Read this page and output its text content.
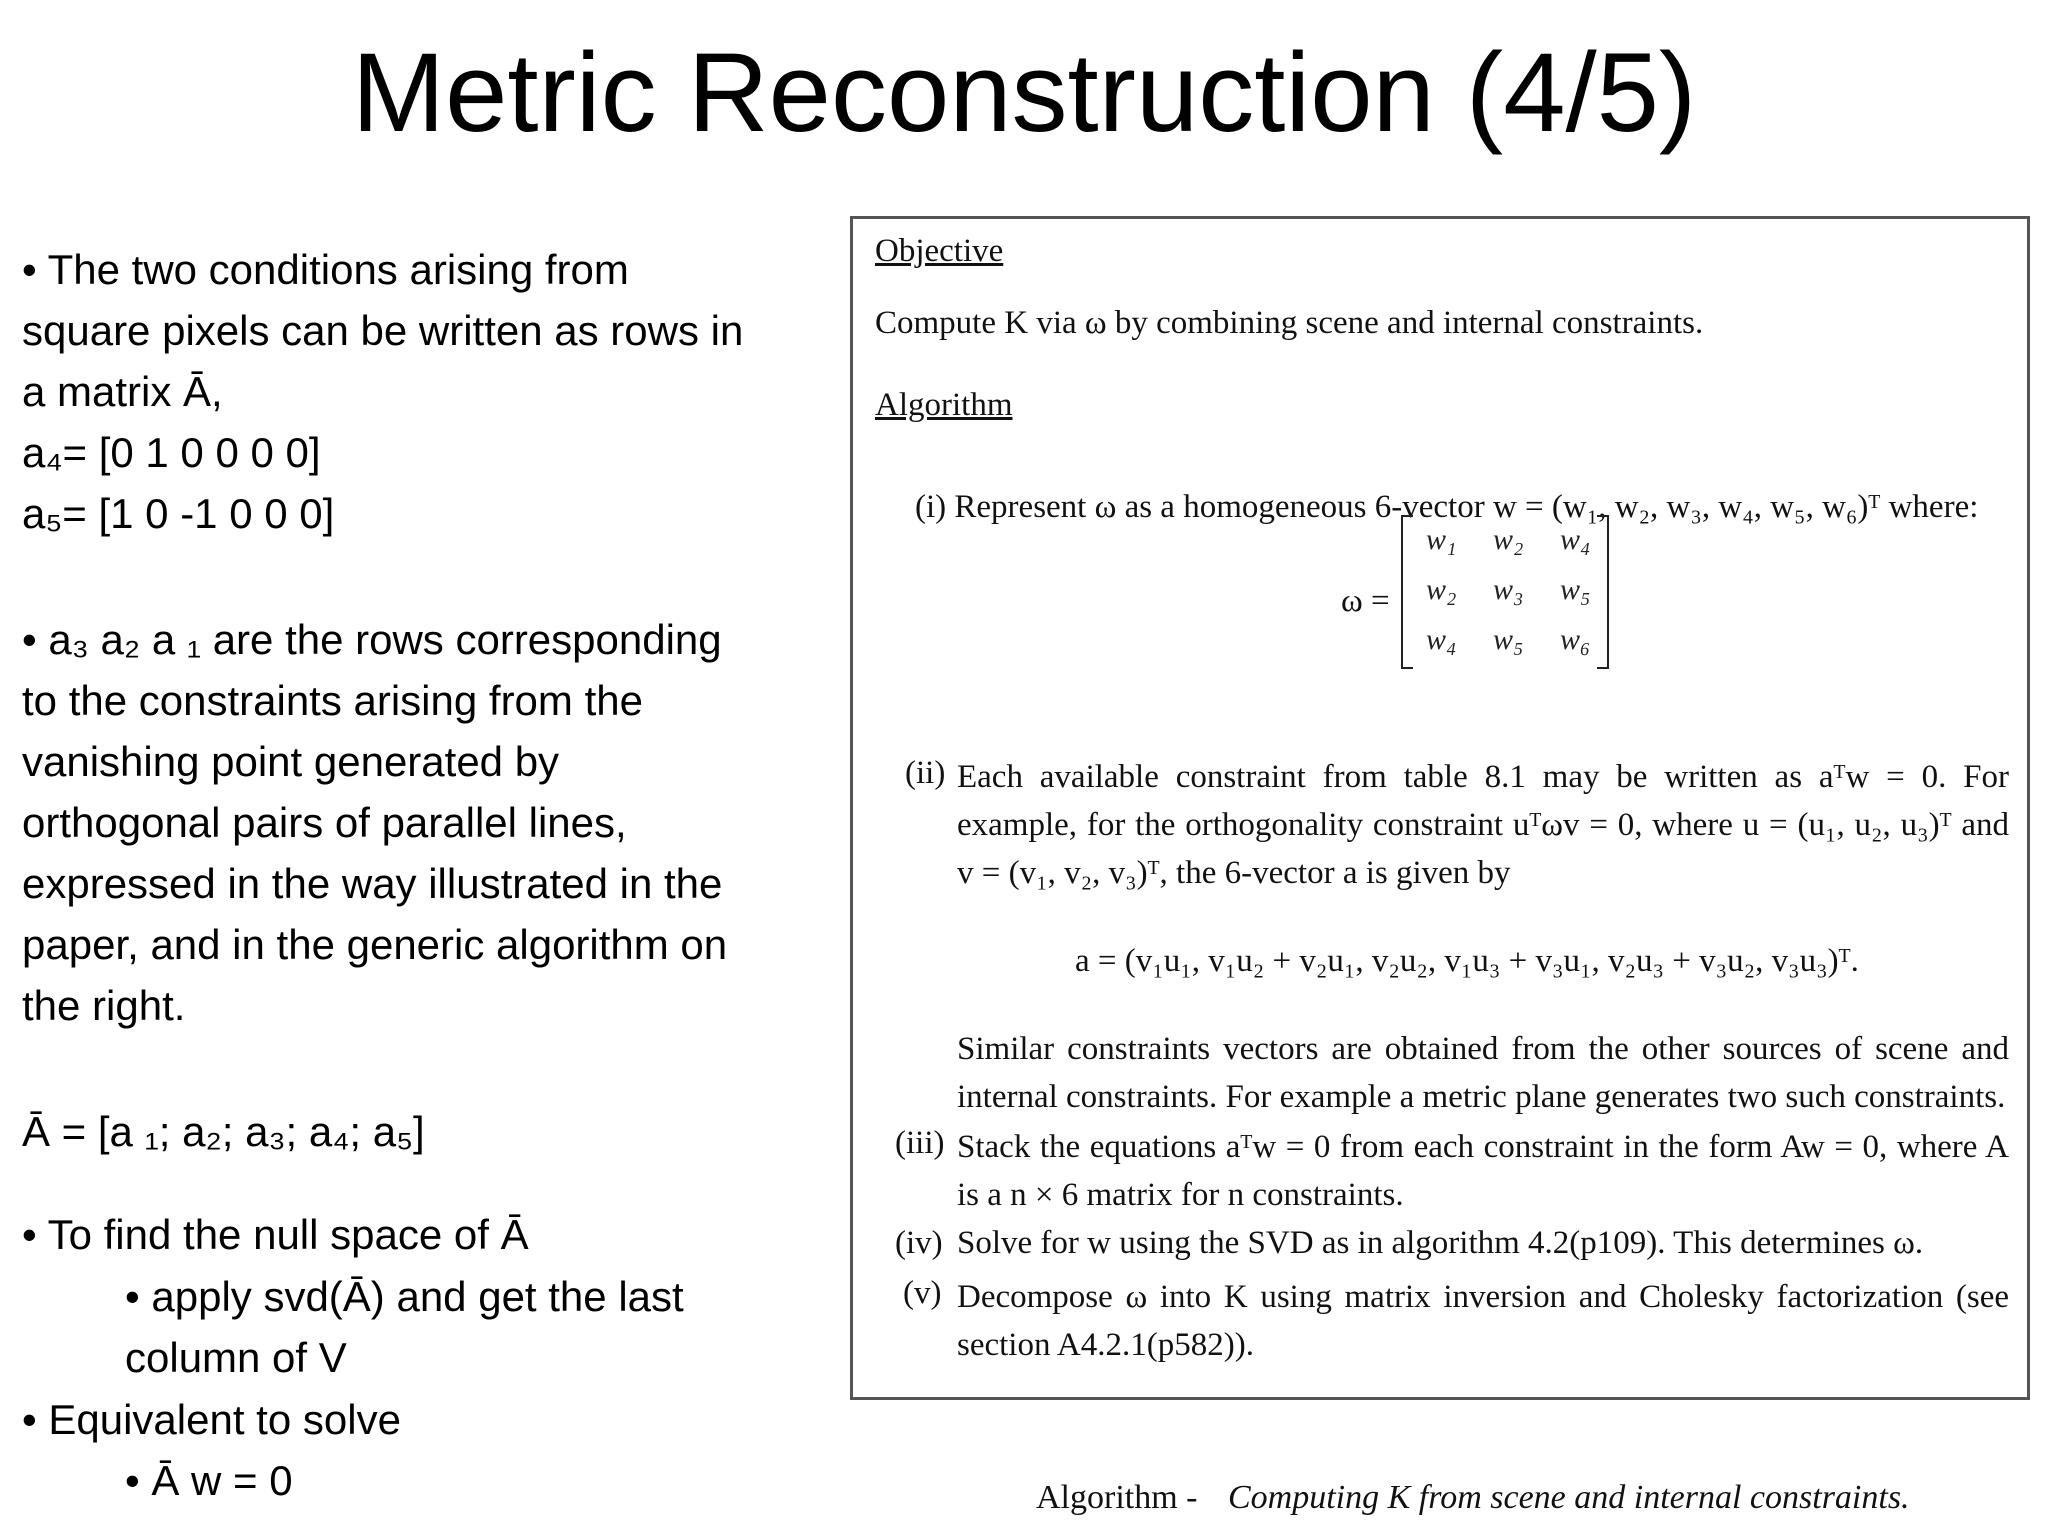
Metric Reconstruction (4/5)
• The two conditions arising from
square pixels can be written as rows in
a matrix Ā,
a₄= [0 1 0 0 0 0]
a₅= [1 0 -1 0 0 0]
• a₃ a₂ a ₁ are the rows corresponding
to the constraints arising from the
vanishing point generated by
orthogonal pairs of parallel lines,
expressed in the way illustrated in the
paper, and in the generic algorithm on
the right.
Ā = [a ₁; a₂; a₃; a₄; a₅]
• To find the null space of Ā
• apply svd(Ā) and get the last
column of V
• Equivalent to solve
• Ā w = 0
Objective
Compute K via ω by combining scene and internal constraints.
Algorithm
(i) Represent ω as a homogeneous 6-vector w = (w₁, w₂, w₃, w₄, w₅, w₆)ᵀ where:
ω =
w₁ w₂ w₄
w₂ w₃ w₅
w₄ w₅ w₆
(ii) Each available constraint from table 8.1 may be written as aᵀw = 0. For example, for the orthogonality constraint uᵀωv = 0, where u = (u₁, u₂, u₃)ᵀ and v = (v₁, v₂, v₃)ᵀ, the 6-vector a is given by
a = (v₁u₁, v₁u₂ + v₂u₁, v₂u₂, v₁u₃ + v₃u₁, v₂u₃ + v₃u₂, v₃u₃)ᵀ.
Similar constraints vectors are obtained from the other sources of scene and internal constraints. For example a metric plane generates two such constraints.
(iii) Stack the equations aᵀw = 0 from each constraint in the form Aw = 0, where A is a n × 6 matrix for n constraints.
(iv) Solve for w using the SVD as in algorithm 4.2(p109). This determines ω.
(v) Decompose ω into K using matrix inversion and Cholesky factorization (see section A4.2.1(p582)).
Algorithm - Computing K from scene and internal constraints.
